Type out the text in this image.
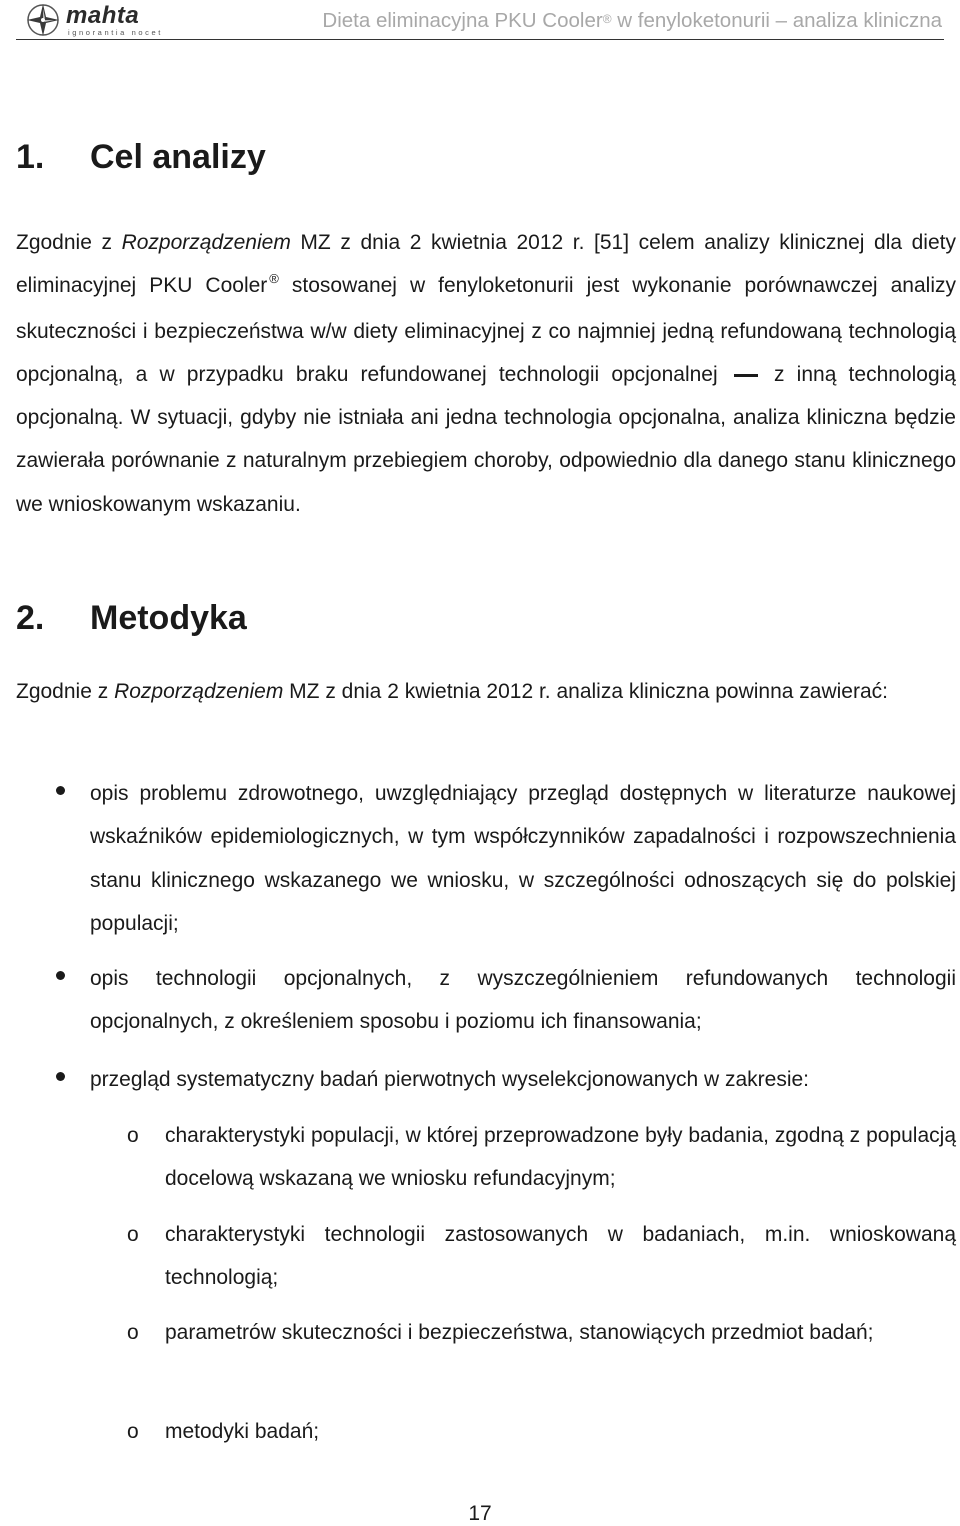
mahta
ignorantia nocet
Dieta eliminacyjna PKU Cooler® w fenyloketonurii – analiza kliniczna
1. Cel analizy

Zgodnie z Rozporządzeniem MZ z dnia 2 kwietnia 2012 r. [51] celem analizy klinicznej dla diety eliminacyjnej PKU Cooler ® stosowanej w fenyloketonurii jest wykonanie porównawczej analizy skuteczności i bezpieczeństwa w/w diety eliminacyjnej z co najmniej jedną refundowaną technologią opcjonalną, a w przypadku braku refundowanej technologii opcjonalnej  z inną technologią opcjonalną. W sytuacji, gdyby nie istniała ani jedna technologia opcjonalna, analiza kliniczna będzie zawierała porównanie z naturalnym przebiegiem choroby, odpowiednio dla danego stanu klinicznego we wnioskowanym wskazaniu.

2. Metodyka

Zgodnie z Rozporządzeniem MZ z dnia 2 kwietnia 2012 r. analiza kliniczna powinna zawierać:

opis problemu zdrowotnego, uwzględniający przegląd dostępnych w literaturze naukowej wskaźników epidemiologicznych, w tym współczynników zapadalności i rozpowszechnienia stanu klinicznego wskazanego we wniosku, w szczególności odnoszących się do polskiej populacji;

opis technologii opcjonalnych, z wyszczególnieniem refundowanych technologii opcjonalnych, z określeniem sposobu i poziomu ich finansowania;

przegląd systematyczny badań pierwotnych wyselekcjonowanych w zakresie:

o charakterystyki populacji, w której przeprowadzone były badania, zgodną z populacją docelową wskazaną we wniosku refundacyjnym;

o charakterystyki technologii zastosowanych w badaniach, m.in. wnioskowaną technologią;

o parametrów skuteczności i bezpieczeństwa, stanowiących przedmiot badań;

o metodyki badań;

17
